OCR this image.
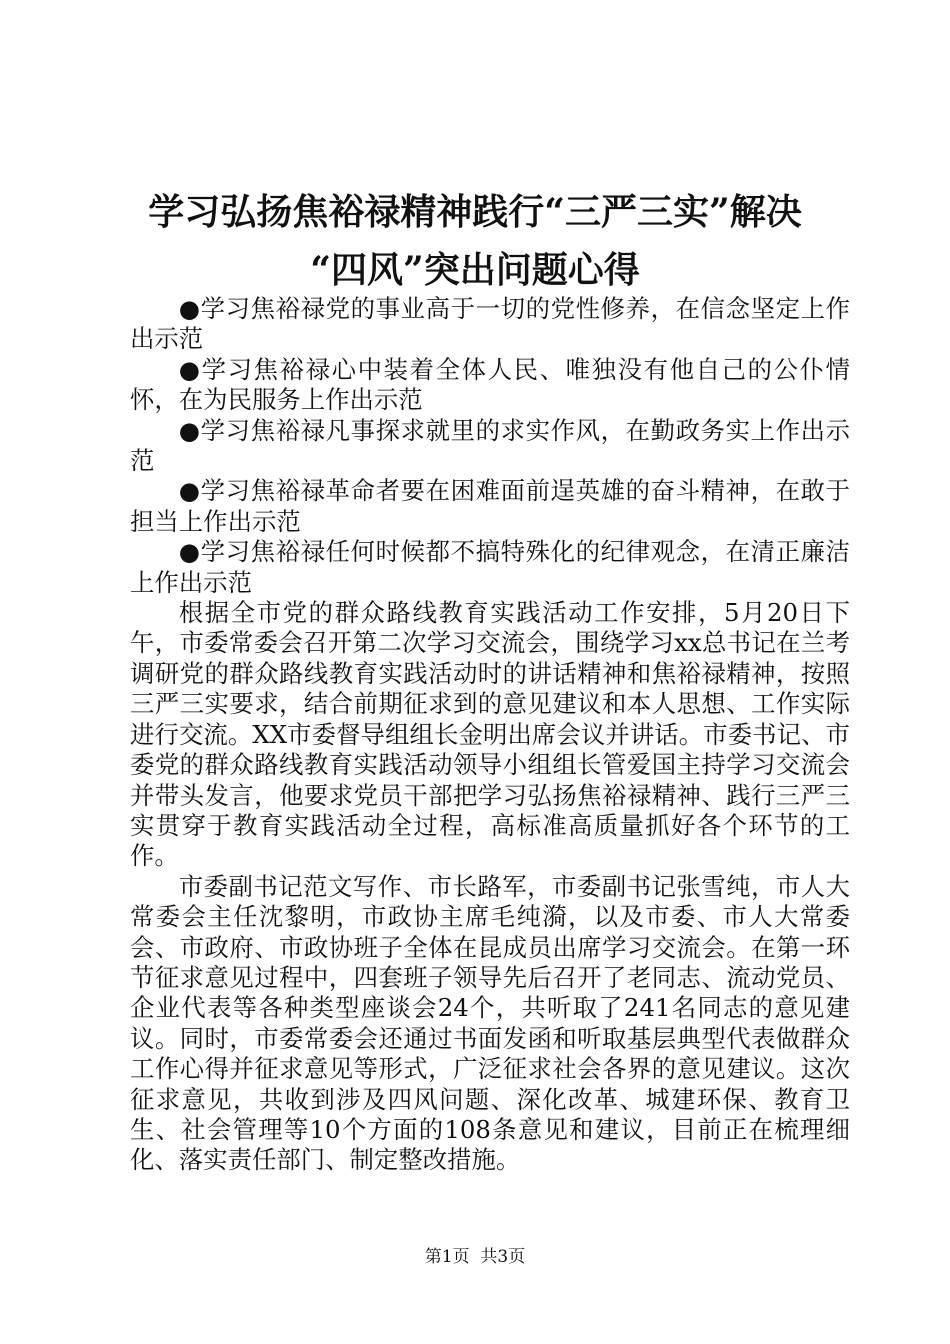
学习弘扬焦裕禄精神践行“三严三实”解决
“四风”突出问题心得

●学习焦裕禄党的事业高于一切的党性修养，在信念坚定上作出示范

●学习焦裕禄心中装着全体人民、唯独没有他自己的公仆情怀，在为民服务上作出示范

●学习焦裕禄凡事探求就里的求实作风，在勤政务实上作出示范

●学习焦裕禄革命者要在困难面前逞英雄的奋斗精神，在敢于担当上作出示范

●学习焦裕禄任何时候都不搞特殊化的纪律观念，在清正廉洁上作出示范

根据全市党的群众路线教育实践活动工作安排，5月20日下午，市委常委会召开第二次学习交流会，围绕学习xx总书记在兰考调研党的群众路线教育实践活动时的讲话精神和焦裕禄精神，按照三严三实要求，结合前期征求到的意见建议和本人思想、工作实际进行交流。XX市委督导组组长金明出席会议并讲话。市委书记、市委党的群众路线教育实践活动领导小组组长管爱国主持学习交流会并带头发言，他要求党员干部把学习弘扬焦裕禄精神、践行三严三实贯穿于教育实践活动全过程，高标准高质量抓好各个环节的工作。

市委副书记范文写作、市长路军，市委副书记张雪纯，市人大常委会主任沈黎明，市政协主席毛纯漪，以及市委、市人大常委会、市政府、市政协班子全体在昆成员出席学习交流会。在第一环节征求意见过程中，四套班子领导先后召开了老同志、流动党员、企业代表等各种类型座谈会24个，共听取了241名同志的意见建议。同时，市委常委会还通过书面发函和听取基层典型代表做群众工作心得并征求意见等形式，广泛征求社会各界的意见建议。这次征求意见，共收到涉及四风问题、深化改革、城建环保、教育卫生、社会管理等10个方面的108条意见和建议，目前正在梳理细化、落实责任部门、制定整改措施。

第1页 共3页
